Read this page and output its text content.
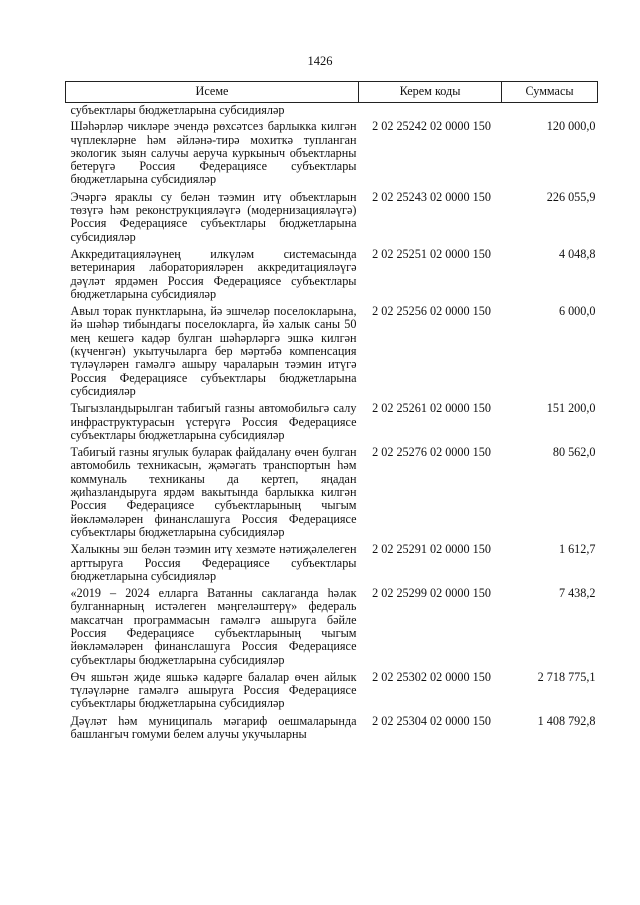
1426
Исеме	Керем коды	Суммасы
субъектлары бюджетларына субсидияләр		
Шәһәрләр чикләре эчендә рөхсәтсез барлыкка килгән чүплекләрне һәм әйләнә-тирә мохиткә тупланган экологик зыян салучы аеруча куркыныч объектларны бетерүгә Россия Федерациясе субъектлары бюджетларына субсидияләр	2 02 25242 02 0000 150	120 000,0
Эчәргә яраклы су белән тәэмин итү объектларын төзүгә һәм реконструкцияләүгә (модернизацияләүгә) Россия Федерациясе субъектлары бюджетларына субсидияләр	2 02 25243 02 0000 150	226 055,9
Аккредитацияләүнең илкүләм системасында ветеринария лабораторияләрен аккредитацияләүгә дәүләт ярдәмен Россия Федерациясе субъектлары бюджетларына субсидияләр	2 02 25251 02 0000 150	4 048,8
Авыл торак пунктларына, йә эшчеләр поселокларына, йә шәһәр тибындагы поселокларга, йә халык саны 50 мең кешегә кадәр булган шәһәрләргә эшкә килгән (күченгән) укытучыларга бер мәртәбә компенсация түләүләрен гамәлгә ашыру чараларын тәэмин итүгә Россия Федерациясе субъектлары бюджетларына субсидияләр	2 02 25256 02 0000 150	6 000,0
Тыгызландырылган табигый газны автомобильгә салу инфраструктурасын үстерүгә Россия Федерациясе субъектлары бюджетларына субсидияләр	2 02 25261 02 0000 150	151 200,0
Табигый газны ягулык буларак файдалану өчен булган автомобиль техникасын, җәмәгать транспортын һәм коммуналь техниканы да кертеп, яңадан җиһазландыруга ярдәм вакытында барлыкка килгән Россия Федерациясе субъектларының чыгым йөкләмәләрен финанслашуга Россия Федерациясе субъектлары бюджетларына субсидияләр	2 02 25276 02 0000 150	80 562,0
Халыкны эш белән тәэмин итү хезмәте нәтиҗәлелеген арттыруга Россия Федерациясе субъектлары бюджетларына субсидияләр	2 02 25291 02 0000 150	1 612,7
«2019 – 2024 елларга Ватанны саклаганда һәлак булганнарның истәлеген мәңгеләштерү» федераль максатчан программасын гамәлгә ашыруга бәйле Россия Федерациясе субъектларының чыгым йөкләмәләрен финанслашуга Россия Федерациясе субъектлары бюджетларына субсидияләр	2 02 25299 02 0000 150	7 438,2
Өч яшьтән җиде яшькә кадәрге балалар өчен айлык түләүләрне гамәлгә ашыруга Россия Федерациясе субъектлары бюджетларына субсидияләр	2 02 25302 02 0000 150	2 718 775,1
Дәүләт һәм муниципаль мәгариф оешмаларында башлангыч гомуми белем алучы укучыларны	2 02 25304 02 0000 150	1 408 792,8
